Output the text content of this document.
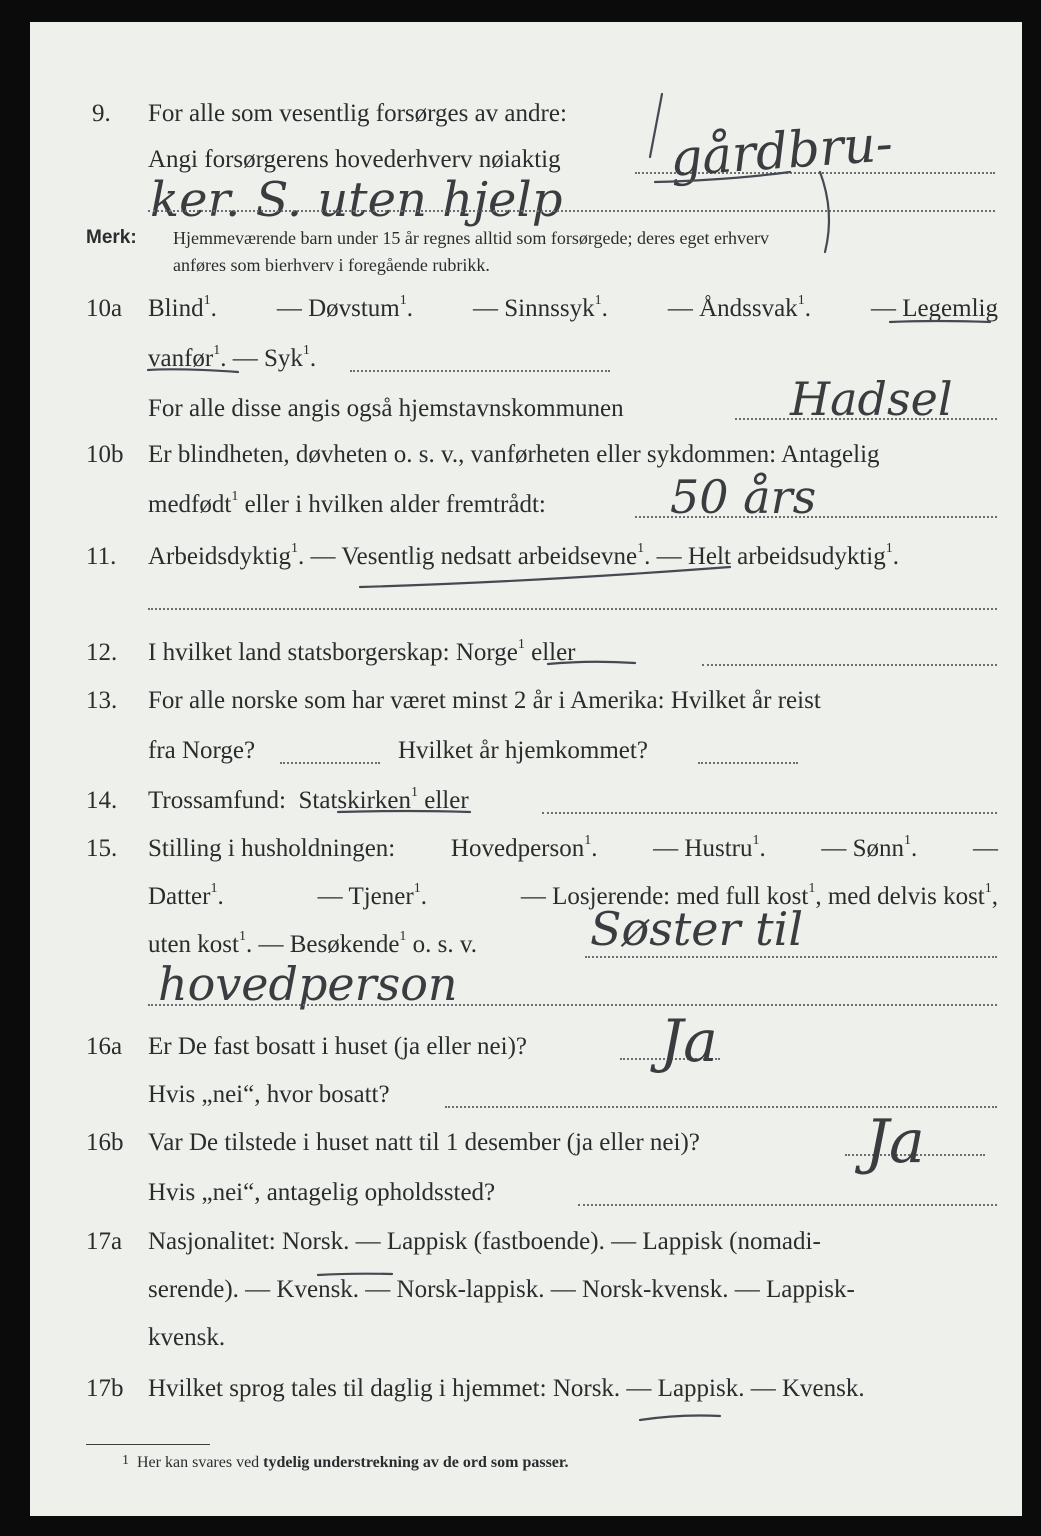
9. For alle som vesentlig forsørges av andre:
Angi forsørgerens hovederhverv nøiaktig gårdbru-
ker. S. uten hjelp
Merk: Hjemmeværende barn under 15 år regnes alltid som forsørgede; deres eget erhverv
anføres som bierhverv i foregående rubrikk.
10a Blind$^1$. — Døvstum$^1$. — Sinnssyk$^1$. — Åndssvak$^1$. — Legemlig
vanfør$^1$. — Syk$^1$.
For alle disse angis også hjemstavnskommunen	Hadsel
10b Er blindheten, døvheten o. s. v., vanførheten eller sykdommen: Antagelig
medfødt$^1$ eller i hvilken alder fremtrådt:	50 års
11. Arbeidsdyktig$^1$. — Vesentlig nedsatt arbeidsevne$^1$. — Helt arbeidsudyktig$^1$.
12. I hvilket land statsborgerskap: Norge$^1$ eller
13. For alle norske som har været minst 2 år i Amerika: Hvilket år reist
fra Norge?	Hvilket år hjemkommet?
14. Trossamfund: Statskirken$^1$ eller
15. Stilling i husholdningen: Hovedperson$^1$. — Hustru$^1$. — Sønn$^1$. —
Datter$^1$.	— Tjener$^1$.	— Losjerende: med full kost$^1$, med delvis kost$^1$,
uten kost$^1$. — Besøkende$^1$ o. s. v. Søster til
hovedperson
16a Er De fast bosatt i huset (ja eller nei)? Ja
Hvis „nei“, hvor bosatt?
16b Var De tilstede i huset natt til 1 desember (ja eller nei)?	Ja
Hvis „nei“, antagelig opholdssted?
17a Nasjonalitet: Norsk. — Lappisk (fastboende). — Lappisk (nomadi-
serende). — Kvensk. — Norsk-lappisk. — Norsk-kvensk. — Lappisk-
kvensk.
17b Hvilket sprog tales til daglig i hjemmet: Norsk. — Lappisk. — Kvensk.
$^1$ Her kan svares ved tydelig understrekning av de ord som passer.
